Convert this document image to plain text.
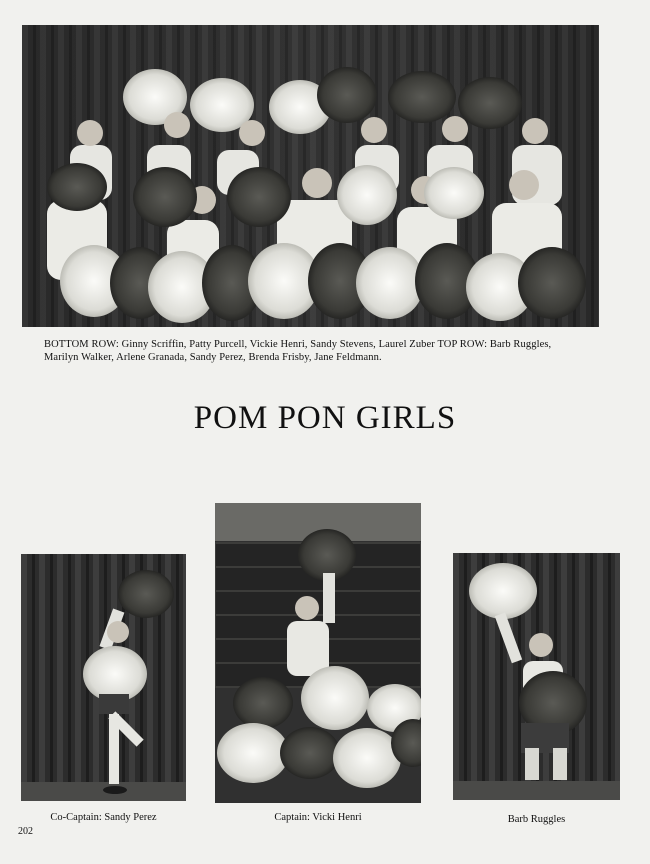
BOTTOM ROW: Ginny Scriffin, Patty Purcell, Vickie Henri, Sandy Stevens, Laurel Zuber TOP ROW: Barb Ruggles, Marilyn Walker, Arlene Granada, Sandy Perez, Brenda Frisby, Jane Feldmann.
POM PON GIRLS
Co-Captain: Sandy Perez	Captain: Vicki Henri	Barb Ruggles
202
